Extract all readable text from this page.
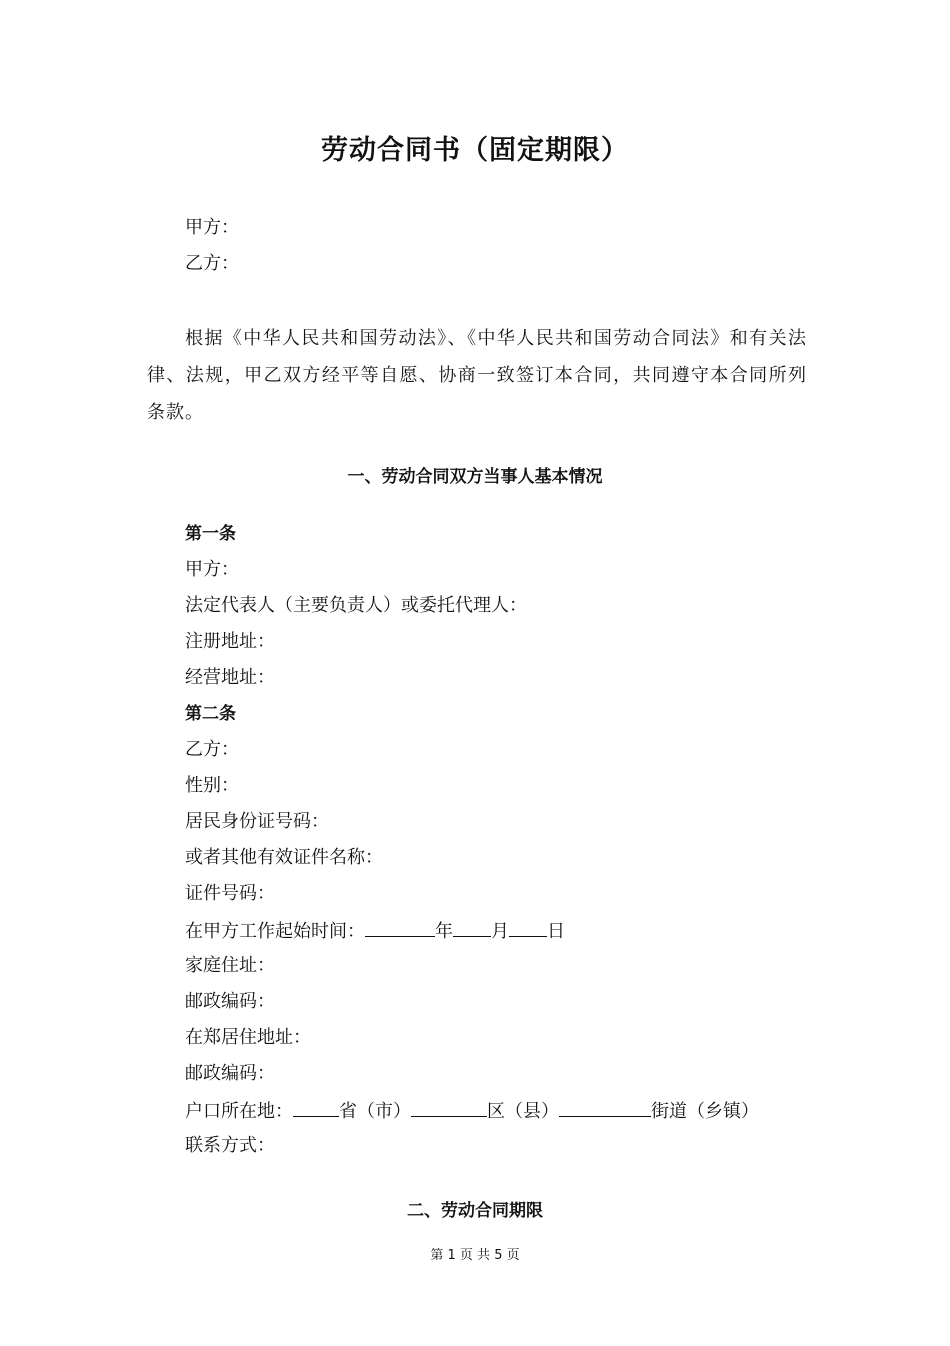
劳动合同书（固定期限）
甲方：
乙方：
根据《中华人民共和国劳动法》、《中华人民共和国劳动合同法》和有关法律、法规，甲乙双方经平等自愿、协商一致签订本合同，共同遵守本合同所列条款。
一、劳动合同双方当事人基本情况
第一条
甲方：
法定代表人（主要负责人）或委托代理人：
注册地址：
经营地址：
第二条
乙方：
性别：
居民身份证号码：
或者其他有效证件名称：
证件号码：
在甲方工作起始时间：	年 月 日
家庭住址：
邮政编码：
在郑居住地址：
邮政编码：
户口所在地：	省（市）	区（县）	街道（乡镇）
联系方式：
二、劳动合同期限
第 1 页 共 5 页
